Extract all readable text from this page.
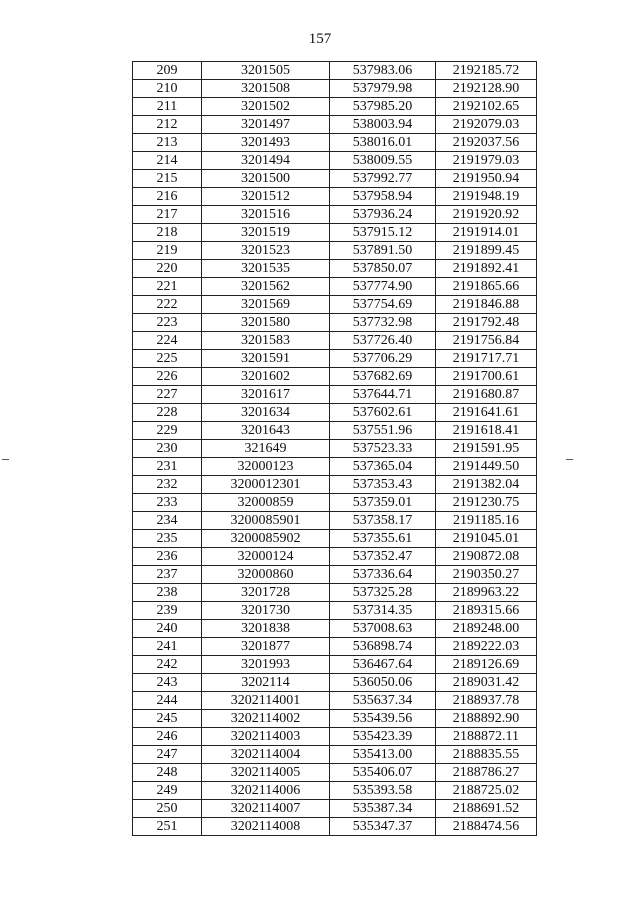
157
209	3201505	537983.06	2192185.72
210	3201508	537979.98	2192128.90
211	3201502	537985.20	2192102.65
212	3201497	538003.94	2192079.03
213	3201493	538016.01	2192037.56
214	3201494	538009.55	2191979.03
215	3201500	537992.77	2191950.94
216	3201512	537958.94	2191948.19
217	3201516	537936.24	2191920.92
218	3201519	537915.12	2191914.01
219	3201523	537891.50	2191899.45
220	3201535	537850.07	2191892.41
221	3201562	537774.90	2191865.66
222	3201569	537754.69	2191846.88
223	3201580	537732.98	2191792.48
224	3201583	537726.40	2191756.84
225	3201591	537706.29	2191717.71
226	3201602	537682.69	2191700.61
227	3201617	537644.71	2191680.87
228	3201634	537602.61	2191641.61
229	3201643	537551.96	2191618.41
230	321649	537523.33	2191591.95
231	32000123	537365.04	2191449.50
232	3200012301	537353.43	2191382.04
233	32000859	537359.01	2191230.75
234	3200085901	537358.17	2191185.16
235	3200085902	537355.61	2191045.01
236	32000124	537352.47	2190872.08
237	32000860	537336.64	2190350.27
238	3201728	537325.28	2189963.22
239	3201730	537314.35	2189315.66
240	3201838	537008.63	2189248.00
241	3201877	536898.74	2189222.03
242	3201993	536467.64	2189126.69
243	3202114	536050.06	2189031.42
244	3202114001	535637.34	2188937.78
245	3202114002	535439.56	2188892.90
246	3202114003	535423.39	2188872.11
247	3202114004	535413.00	2188835.55
248	3202114005	535406.07	2188786.27
249	3202114006	535393.58	2188725.02
250	3202114007	535387.34	2188691.52
251	3202114008	535347.37	2188474.56
